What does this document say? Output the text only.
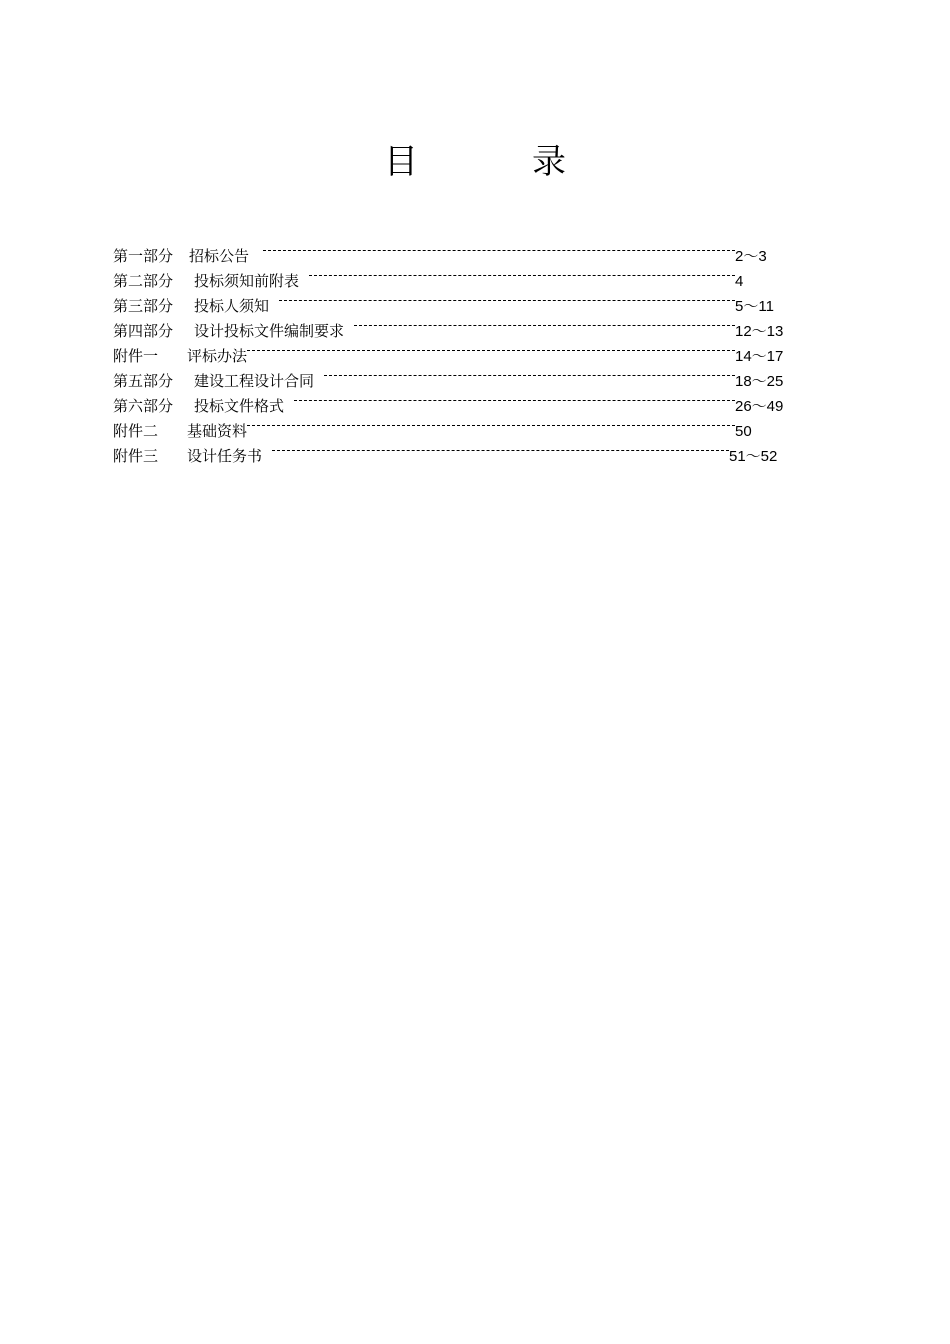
目　录
第一部分	招标公告	2～3
第二部分	投标须知前附表	4
第三部分	投标人须知	5～11
第四部分	设计投标文件编制要求	12～13
附件一	评标办法	14～17
第五部分	建设工程设计合同	18～25
第六部分	投标文件格式	26～49
附件二	基础资料	50
附件三	设计任务书	51～52
